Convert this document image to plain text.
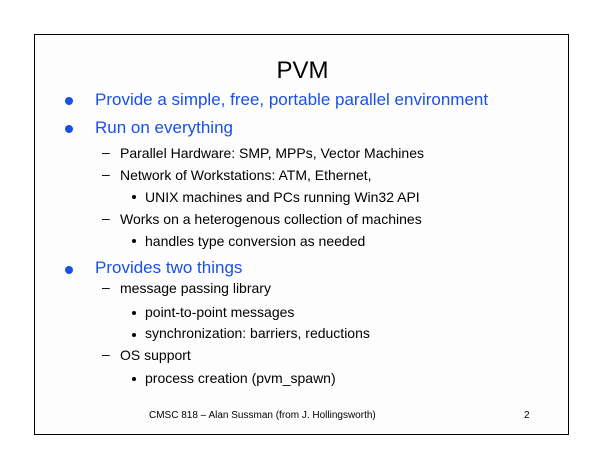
PVM
Provide a simple, free, portable parallel environment
Run on everything
– Parallel Hardware: SMP, MPPs, Vector Machines
– Network of Workstations: ATM, Ethernet,
UNIX machines and PCs running Win32 API
– Works on a heterogenous collection of machines
handles type conversion as needed
Provides two things
– message passing library
point-to-point messages
synchronization: barriers, reductions
– OS support
process creation (pvm_spawn)
CMSC 818 – Alan Sussman (from J. Hollingsworth)	2
